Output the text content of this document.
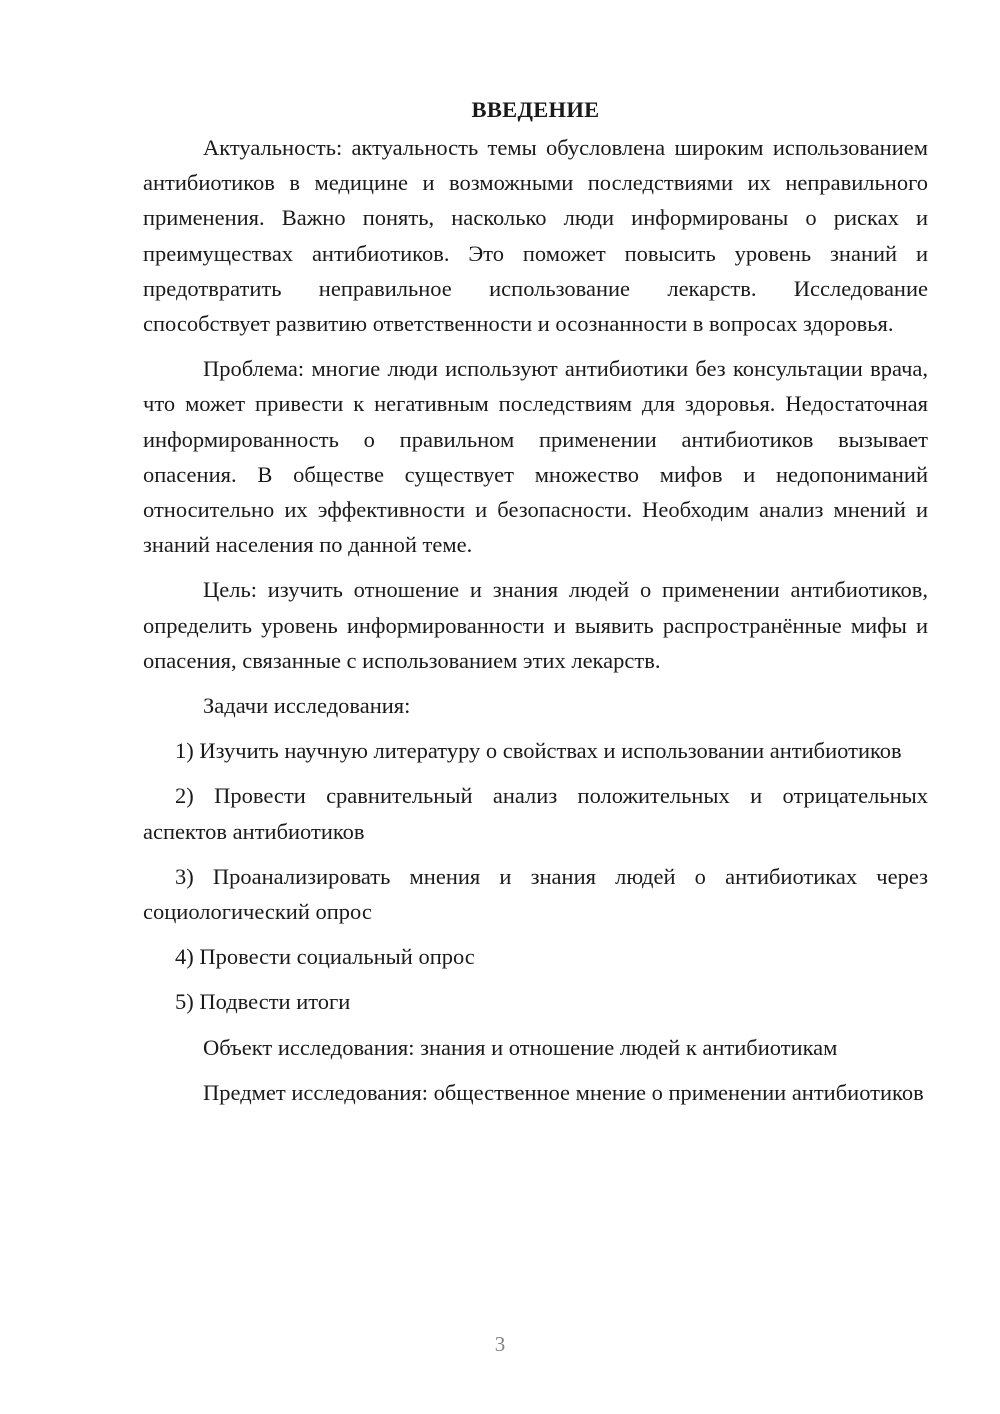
ВВЕДЕНИЕ

Актуальность: актуальность темы обусловлена широким использованием антибиотиков в медицине и возможными последствиями их неправильного применения. Важно понять, насколько люди информированы о рисках и преимуществах антибиотиков. Это поможет повысить уровень знаний и предотвратить неправильное использование лекарств. Исследование способствует развитию ответственности и осознанности в вопросах здоровья.

Проблема: многие люди используют антибиотики без консультации врача, что может привести к негативным последствиям для здоровья. Недостаточная информированность о правильном применении антибиотиков вызывает опасения. В обществе существует множество мифов и недопониманий относительно их эффективности и безопасности. Необходим анализ мнений и знаний населения по данной теме.

Цель: изучить отношение и знания людей о применении антибиотиков, определить уровень информированности и выявить распространённые мифы и опасения, связанные с использованием этих лекарств.

Задачи исследования:

1) Изучить научную литературу о свойствах и использовании антибиотиков

2) Провести сравнительный анализ положительных и отрицательных аспектов антибиотиков

3) Проанализировать мнения и знания людей о антибиотиках через социологический опрос

4) Провести социальный опрос

5) Подвести итоги

Объект исследования: знания и отношение людей к антибиотикам

Предмет исследования: общественное мнение о применении антибиотиков

3
